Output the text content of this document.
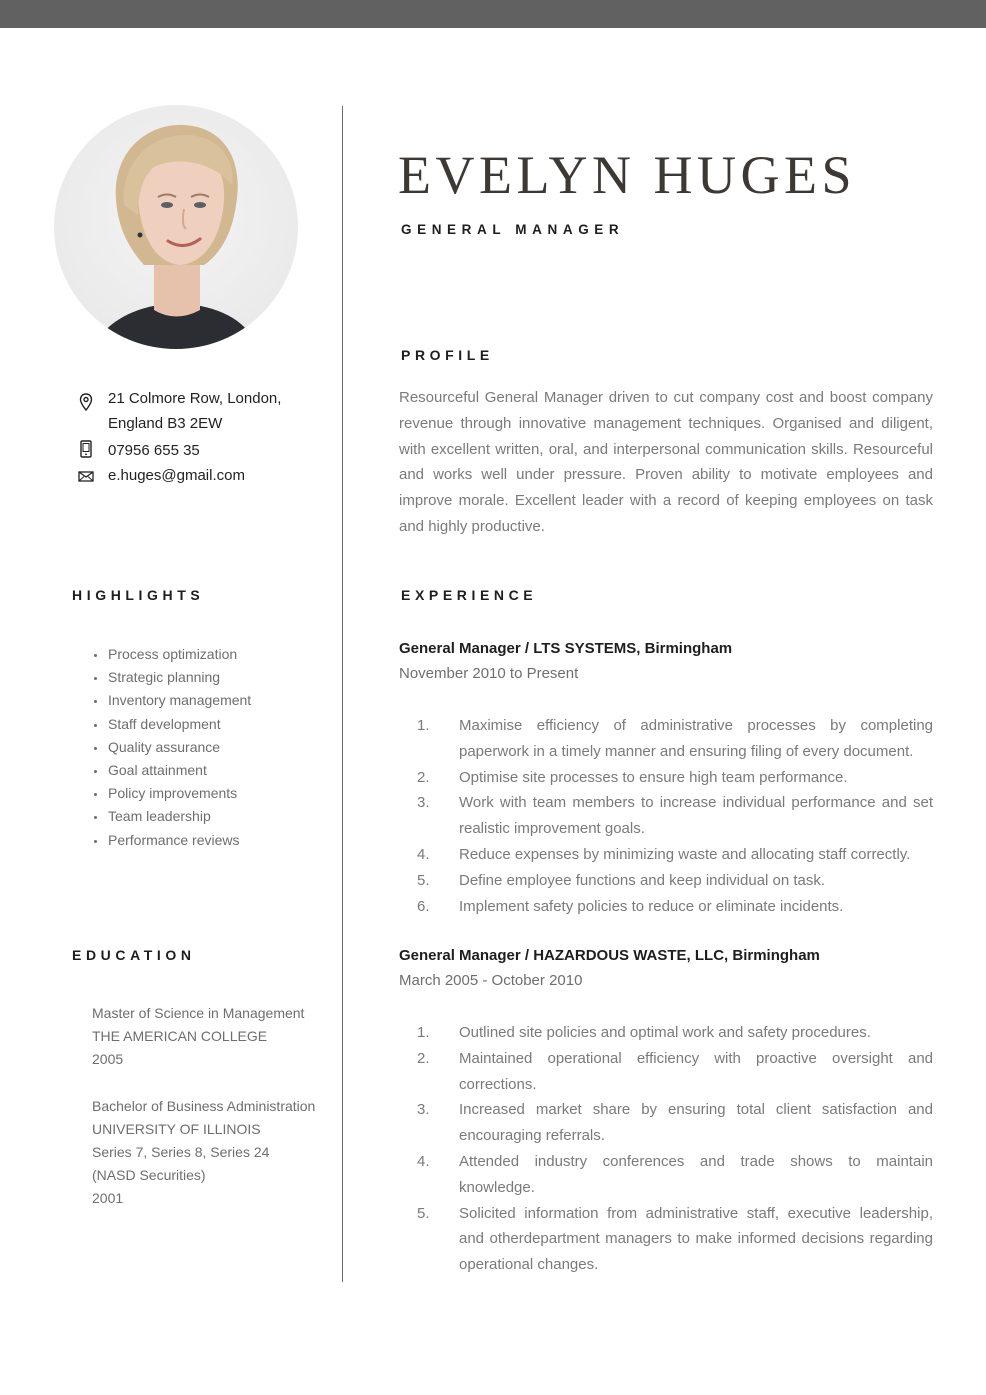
21 Colmore Row, London,
England B3 2EW
07956 655 35
e.huges@gmail.com
HIGHLIGHTS
Process optimization
Strategic planning
Inventory management
Staff development
Quality assurance
Goal attainment
Policy improvements
Team leadership
Performance reviews
EDUCATION
Master of Science in Management
THE AMERICAN COLLEGE
2005
Bachelor of Business Administration
UNIVERSITY OF ILLINOIS
Series 7, Series 8, Series 24
(NASD Securities)
2001
EVELYN HUGES
GENERAL MANAGER
PROFILE

Resourceful General Manager driven to cut company cost and boost company revenue through innovative management techniques. Organised and diligent, with excellent written, oral, and interpersonal communication skills. Resourceful and works well under pressure. Proven ability to motivate employees and improve morale. Excellent leader with a record of keeping employees on task and highly productive.

EXPERIENCE
General Manager / LTS SYSTEMS, Birmingham
November 2010 to Present
1. Maximise efficiency of administrative processes by completing paperwork in a timely manner and ensuring filing of every document.
2. Optimise site processes to ensure high team performance.
3. Work with team members to increase individual performance and set realistic improvement goals.
4. Reduce expenses by minimizing waste and allocating staff correctly.
5. Define employee functions and keep individual on task.
6. Implement safety policies to reduce or eliminate incidents.
General Manager / HAZARDOUS WASTE, LLC, Birmingham
March 2005 - October 2010
1. Outlined site policies and optimal work and safety procedures.
2. Maintained operational efficiency with proactive oversight and corrections.
3. Increased market share by ensuring total client satisfaction and encouraging referrals.
4. Attended industry conferences and trade shows to maintain knowledge.
5. Solicited information from administrative staff, executive leadership, and otherdepartment managers to make informed decisions regarding operational changes.
